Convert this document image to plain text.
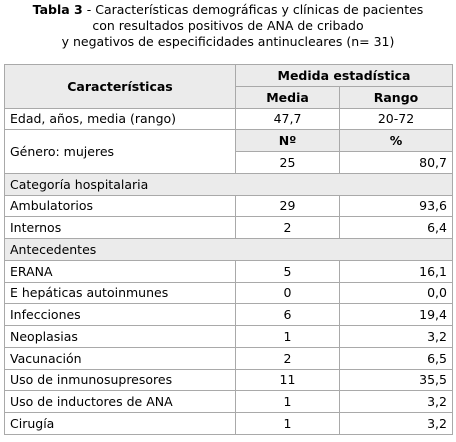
Tabla 3 - Características demográficas y clínicas de pacientes
con resultados positivos de ANA de cribado
y negativos de especificidades antinucleares (n= 31)
Características	Medida estadística	
	Media	Rango
Edad, años, media (rango)	47,7	20-72
Género: mujeres	Nº	%
	25	80,7
Categoría hospitalaria		
Ambulatorios	29	93,6
Internos	2	6,4
Antecedentes		
ERANA	5	16,1
E hepáticas autoinmunes	0	0,0
Infecciones	6	19,4
Neoplasias	1	3,2
Vacunación	2	6,5
Uso de inmunosupresores	11	35,5
Uso de inductores de ANA	1	3,2
Cirugía	1	3,2
